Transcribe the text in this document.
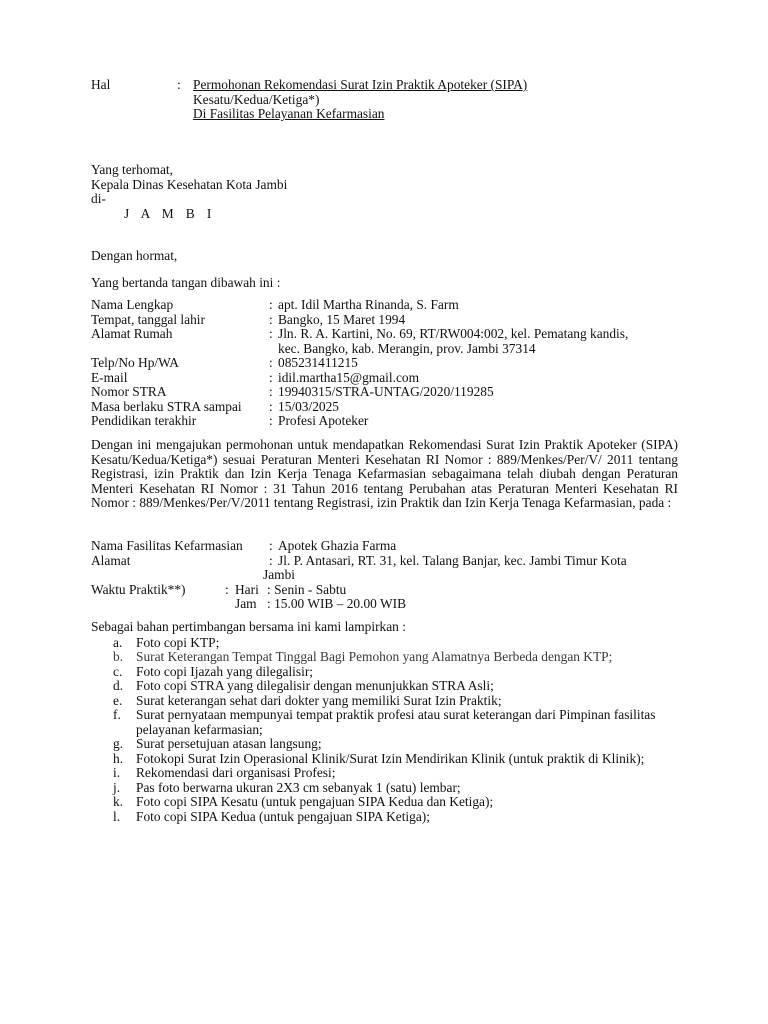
Hal	: Permohonan Rekomendasi Surat Izin Praktik Apoteker (SIPA)
Kesatu/Kedua/Ketiga*)
Di Fasilitas Pelayanan Kefarmasian
Yang terhomat,
Kepala Dinas Kesehatan Kota Jambi
di-
J A M B I
Dengan hormat,
Yang bertanda tangan dibawah ini :
Nama Lengkap	: apt. Idil Martha Rinanda, S. Farm
Tempat, tanggal lahir	: Bangko, 15 Maret 1994
Alamat Rumah	: Jln. R. A. Kartini, No. 69, RT/RW004:002, kel. Pematang kandis,
kec. Bangko, kab. Merangin, prov. Jambi 37314
Telp/No Hp/WA	: 085231411215
E-mail	: idil.martha15@gmail.com
Nomor STRA	: 19940315/STRA-UNTAG/2020/119285
Masa berlaku STRA sampai	: 15/03/2025
Pendidikan terakhir	: Profesi Apoteker
Dengan ini mengajukan permohonan untuk mendapatkan Rekomendasi Surat Izin Praktik Apoteker (SIPA) Kesatu/Kedua/Ketiga*) sesuai Peraturan Menteri Kesehatan RI Nomor : 889/Menkes/Per/V/ 2011 tentang Registrasi, izin Praktik dan Izin Kerja Tenaga Kefarmasian sebagaimana telah diubah dengan Peraturan Menteri Kesehatan RI Nomor : 31 Tahun 2016 tentang Perubahan atas Peraturan Menteri Kesehatan RI Nomor : 889/Menkes/Per/V/2011 tentang Registrasi, izin Praktik dan Izin Kerja Tenaga Kefarmasian, pada :
Nama Fasilitas Kefarmasian	: Apotek Ghazia Farma
Alamat	: Jl. P. Antasari, RT. 31, kel. Talang Banjar, kec. Jambi Timur Kota
Jambi
Waktu Praktik**)	: Hari : Senin - Sabtu
Jam : 15.00 WIB – 20.00 WIB
Sebagai bahan pertimbangan bersama ini kami lampirkan :
a.	Foto copi KTP;
b. Surat Keterangan Tempat Tinggal Bagi Pemohon yang Alamatnya Berbeda dengan KTP;
c.	Foto copi Ijazah yang dilegalisir;
d. Foto copi STRA yang dilegalisir dengan menunjukkan STRA Asli;
e.	Surat keterangan sehat dari dokter yang memiliki Surat Izin Praktik;
f.	Surat pernyataan mempunyai tempat praktik profesi atau surat keterangan dari Pimpinan fasilitas pelayanan kefarmasian;
g. Surat persetujuan atasan langsung;
h. Fotokopi Surat Izin Operasional Klinik/Surat Izin Mendirikan Klinik (untuk praktik di Klinik);
i.	Rekomendasi dari organisasi Profesi;
j.	Pas foto berwarna ukuran 2X3 cm sebanyak 1 (satu) lembar;
k. Foto copi SIPA Kesatu (untuk pengajuan SIPA Kedua dan Ketiga);
l.	Foto copi SIPA Kedua (untuk pengajuan SIPA Ketiga);
